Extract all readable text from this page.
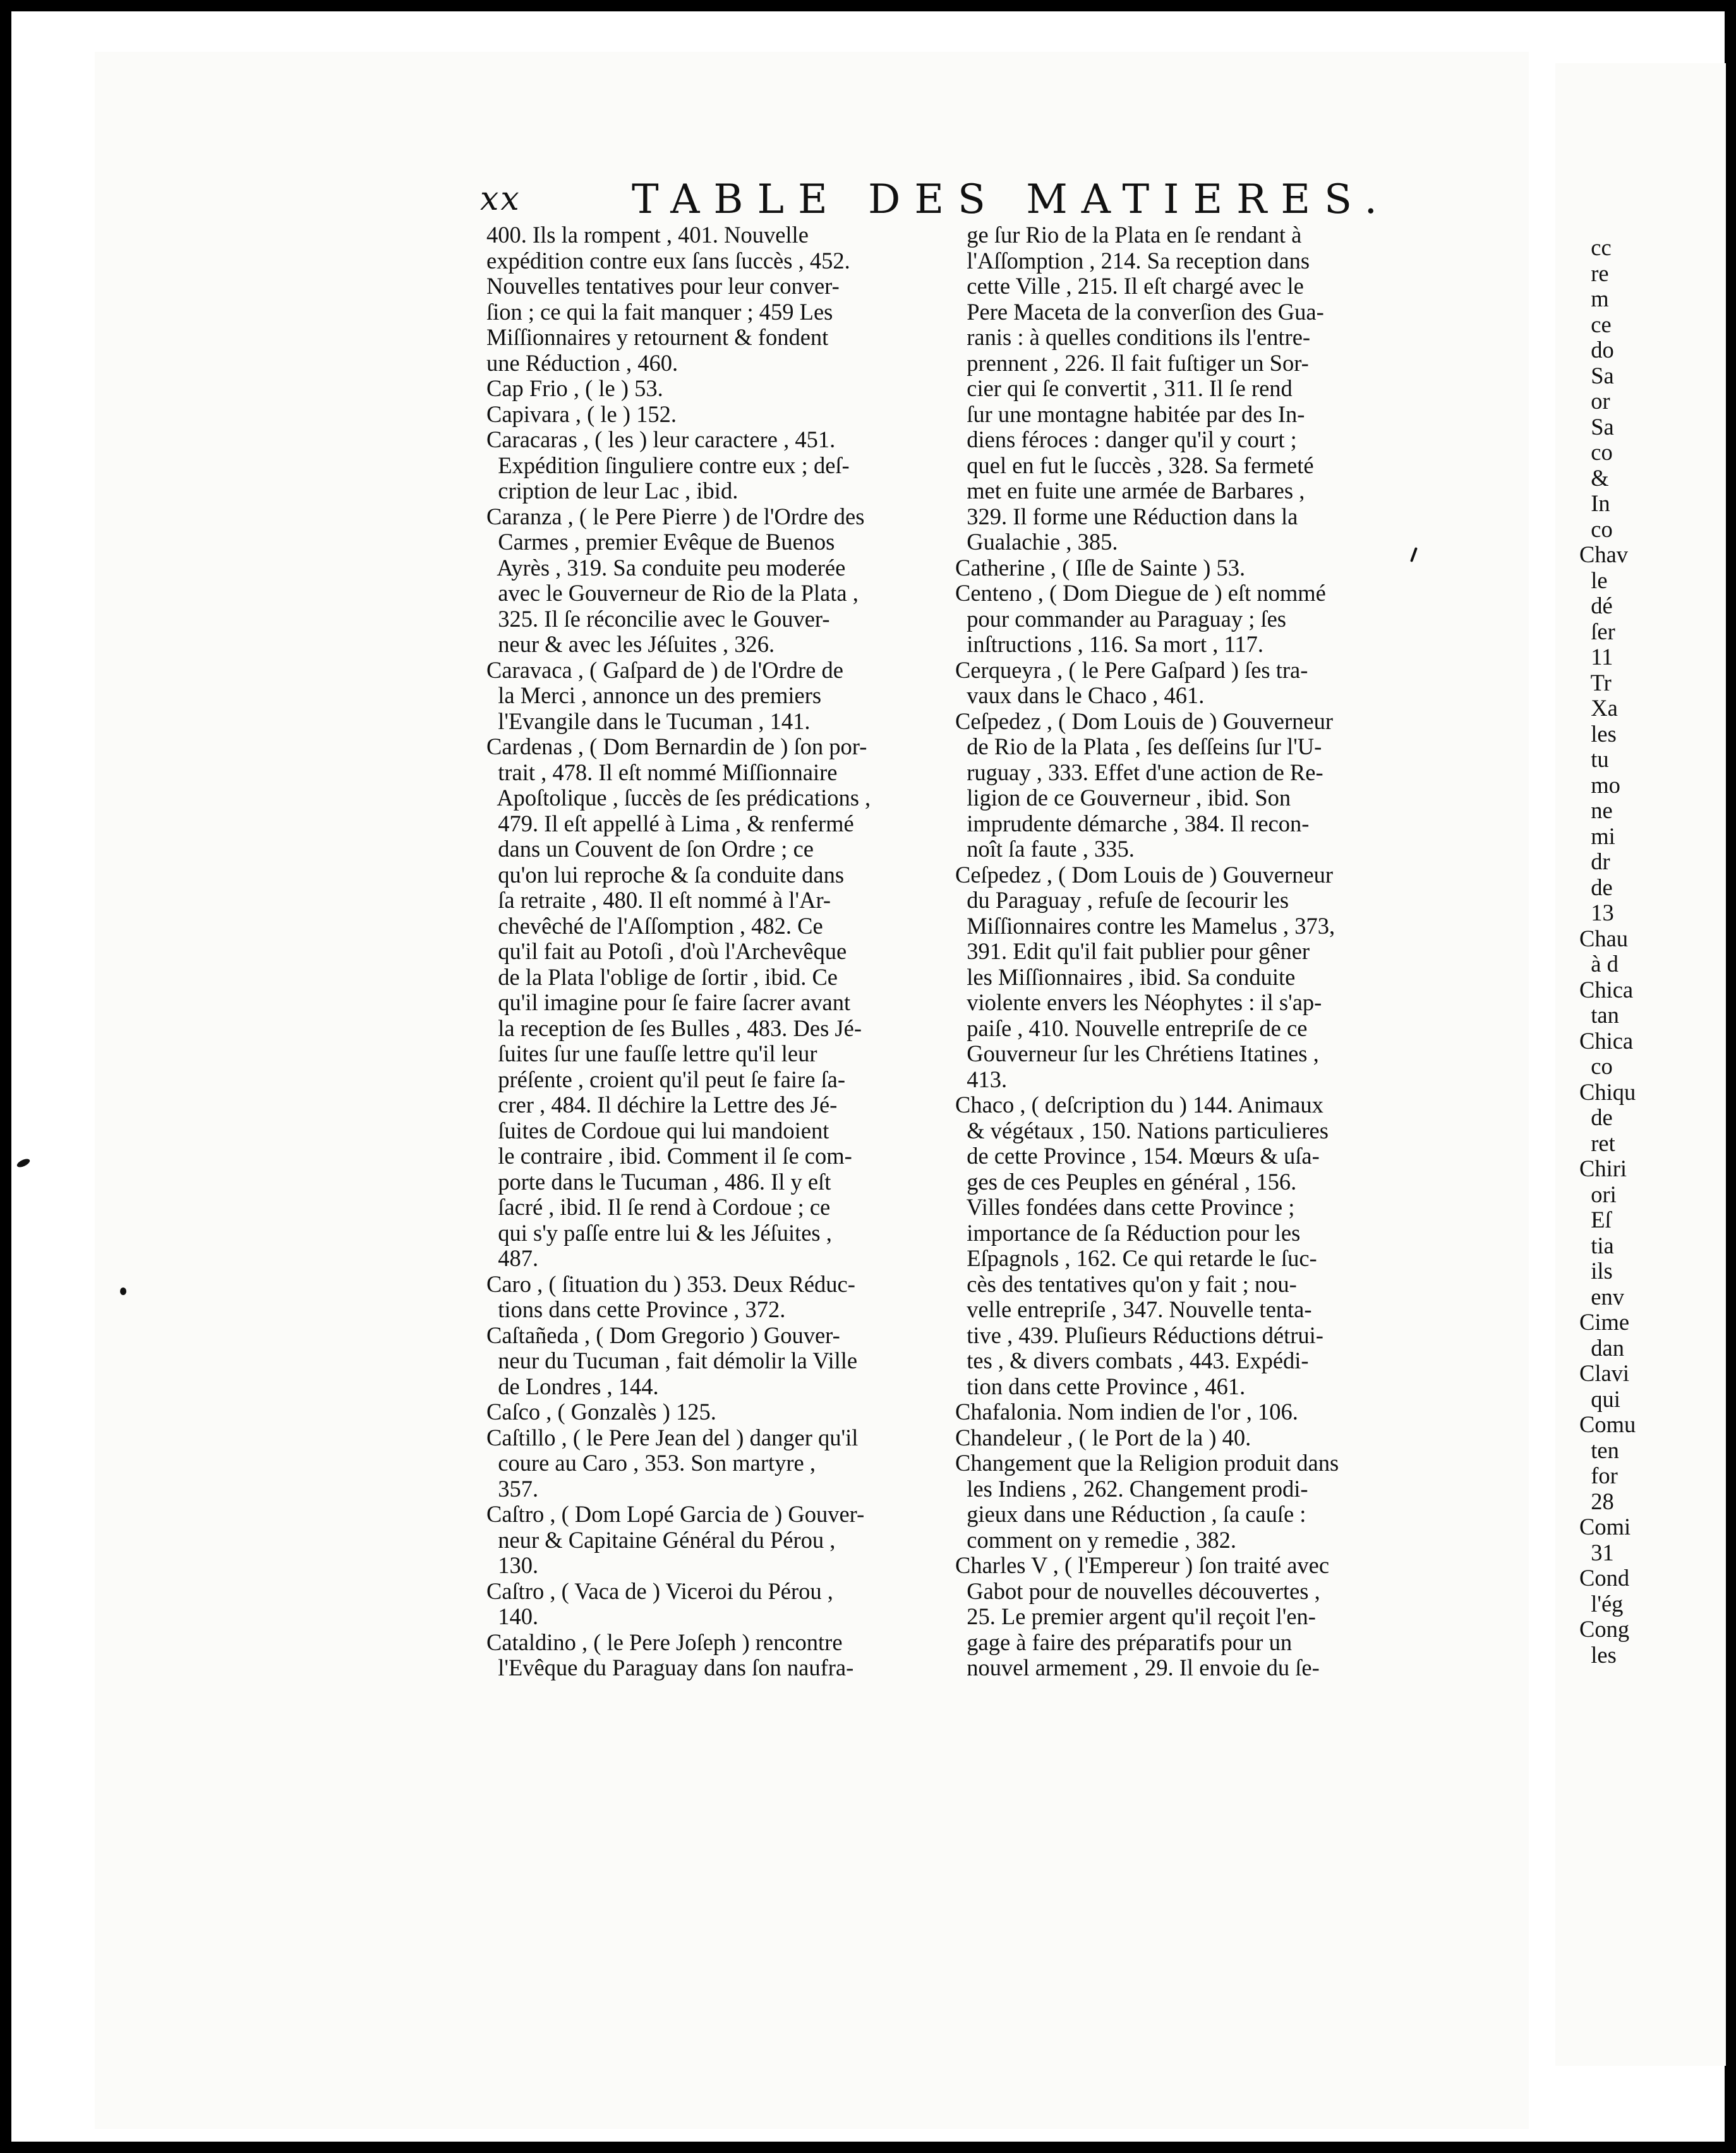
xx	TABLE DES MATIERES.
400. Ils la rompent , 401. Nouvelle
expédition contre eux ſans ſuccès , 452.
Nouvelles tentatives pour leur conver-
ſion ; ce qui la fait manquer ; 459 Les
Miſſionnaires y retournent & fondent
une Réduction , 460.
Cap Frio , ( le ) 53.
Capivara , ( le ) 152.
Caracaras , ( les ) leur caractere , 451.
Expédition ſinguliere contre eux ; deſ-
cription de leur Lac , ibid.
Caranza , ( le Pere Pierre ) de l'Ordre des
Carmes , premier Evêque de Buenos
Ayrès , 319. Sa conduite peu moderée
avec le Gouverneur de Rio de la Plata ,
325. Il ſe réconcilie avec le Gouver-
neur & avec les Jéſuites , 326.
Caravaca , ( Gaſpard de ) de l'Ordre de
la Merci , annonce un des premiers
l'Evangile dans le Tucuman , 141.
Cardenas , ( Dom Bernardin de ) ſon por-
trait , 478. Il eſt nommé Miſſionnaire
Apoſtolique , ſuccès de ſes prédications ,
479. Il eſt appellé à Lima , & renfermé
dans un Couvent de ſon Ordre ; ce
qu'on lui reproche & ſa conduite dans
ſa retraite , 480. Il eſt nommé à l'Ar-
chevêché de l'Aſſomption , 482. Ce
qu'il fait au Potoſi , d'où l'Archevêque
de la Plata l'oblige de ſortir , ibid. Ce
qu'il imagine pour ſe faire ſacrer avant
la reception de ſes Bulles , 483. Des Jé-
ſuites ſur une fauſſe lettre qu'il leur
préſente , croient qu'il peut ſe faire ſa-
crer , 484. Il déchire la Lettre des Jé-
ſuites de Cordoue qui lui mandoient
le contraire , ibid. Comment il ſe com-
porte dans le Tucuman , 486. Il y eſt
ſacré , ibid. Il ſe rend à Cordoue ; ce
qui s'y paſſe entre lui & les Jéſuites ,
487.
Caro , ( ſituation du ) 353. Deux Réduc-
tions dans cette Province , 372.
Caſtañeda , ( Dom Gregorio ) Gouver-
neur du Tucuman , fait démolir la Ville
de Londres , 144.
Caſco , ( Gonzalès ) 125.
Caſtillo , ( le Pere Jean del ) danger qu'il
coure au Caro , 353. Son martyre ,
357.
Caſtro , ( Dom Lopé Garcia de ) Gouver-
neur & Capitaine Général du Pérou ,
130.
Caſtro , ( Vaca de ) Viceroi du Pérou ,
140.
Cataldino , ( le Pere Joſeph ) rencontre
l'Evêque du Paraguay dans ſon naufra-
ge ſur Rio de la Plata en ſe rendant à
l'Aſſomption , 214. Sa reception dans
cette Ville , 215. Il eſt chargé avec le
Pere Maceta de la converſion des Gua-
ranis : à quelles conditions ils l'entre-
prennent , 226. Il fait fuſtiger un Sor-
cier qui ſe convertit , 311. Il ſe rend
ſur une montagne habitée par des In-
diens féroces : danger qu'il y court ;
quel en fut le ſuccès , 328. Sa fermeté
met en fuite une armée de Barbares ,
329. Il forme une Réduction dans la
Gualachie , 385.
Catherine , ( Iſle de Sainte ) 53.
Centeno , ( Dom Diegue de ) eſt nommé
pour commander au Paraguay ; ſes
inſtructions , 116. Sa mort , 117.
Cerqueyra , ( le Pere Gaſpard ) ſes tra-
vaux dans le Chaco , 461.
Ceſpedez , ( Dom Louis de ) Gouverneur
de Rio de la Plata , ſes deſſeins ſur l'U-
ruguay , 333. Effet d'une action de Re-
ligion de ce Gouverneur , ibid. Son
imprudente démarche , 384. Il recon-
noît ſa faute , 335.
Ceſpedez , ( Dom Louis de ) Gouverneur
du Paraguay , refuſe de ſecourir les
Miſſionnaires contre les Mamelus , 373,
391. Edit qu'il fait publier pour gêner
les Miſſionnaires , ibid. Sa conduite
violente envers les Néophytes : il s'ap-
paiſe , 410. Nouvelle entrepriſe de ce
Gouverneur ſur les Chrétiens Itatines ,
413.
Chaco , ( deſcription du ) 144. Animaux
& végétaux , 150. Nations particulieres
de cette Province , 154. Mœurs & uſa-
ges de ces Peuples en général , 156.
Villes fondées dans cette Province ;
importance de ſa Réduction pour les
Eſpagnols , 162. Ce qui retarde le ſuc-
cès des tentatives qu'on y fait ; nou-
velle entrepriſe , 347. Nouvelle tenta-
tive , 439. Pluſieurs Réductions détrui-
tes , & divers combats , 443. Expédi-
tion dans cette Province , 461.
Chafalonia. Nom indien de l'or , 106.
Chandeleur , ( le Port de la ) 40.
Changement que la Religion produit dans
les Indiens , 262. Changement prodi-
gieux dans une Réduction , ſa cauſe :
comment on y remedie , 382.
Charles V , ( l'Empereur ) ſon traité avec
Gabot pour de nouvelles découvertes ,
25. Le premier argent qu'il reçoit l'en-
gage à faire des préparatifs pour un
nouvel armement , 29. Il envoie du ſe-
cc
re
m
ce
do
Sa
or
Sa
co
&
In
co
Chav
le
dé
ſer
11
Tr
Xa
les
tu
mo
ne
mi
dr
de
13
Chau
à d
Chica
tan
Chica
co
Chiqu
de
ret
Chiri
ori
Eſ
tia
ils
env
Cime
dan
Clavi
qui
Comu
ten
for
28
Comi
31
Cond
l'ég
Cong
les
